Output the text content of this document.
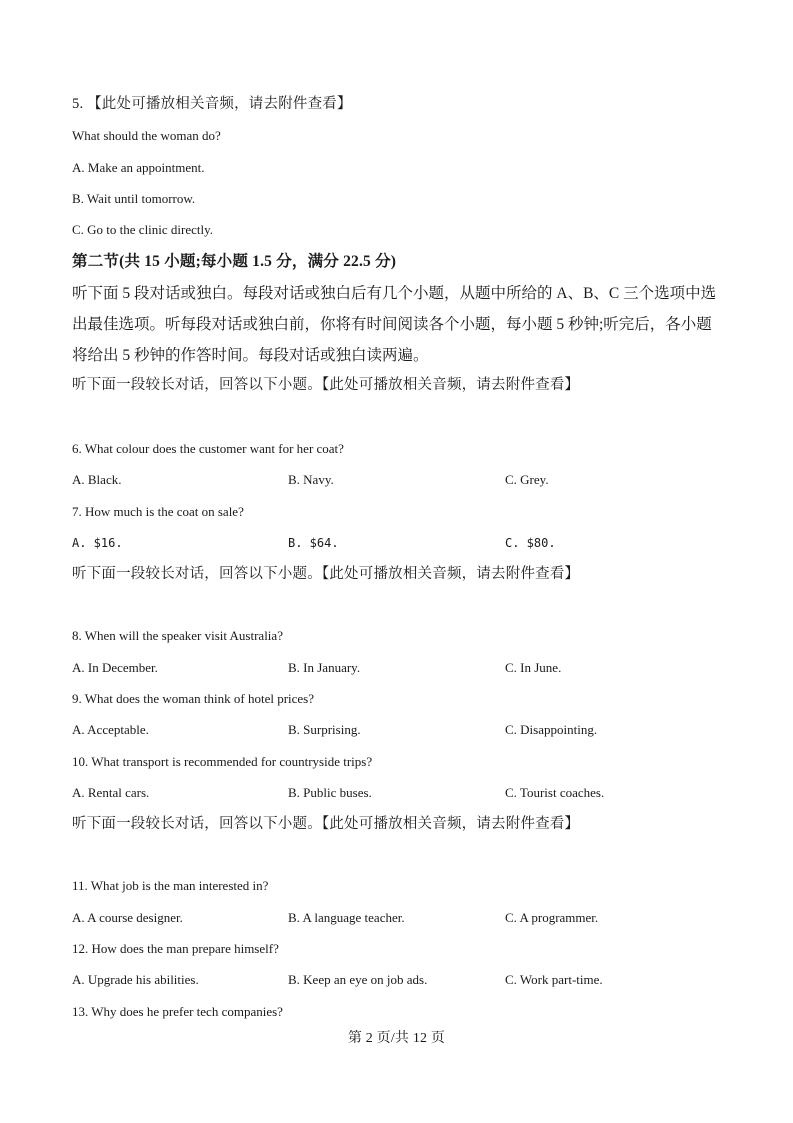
5. 【此处可播放相关音频，请去附件查看】
What should the woman do?
A. Make an appointment.
B. Wait until tomorrow.
C. Go to the clinic directly.
第二节(共 15 小题;每小题 1.5 分，满分 22.5 分)
听下面 5 段对话或独白。每段对话或独白后有几个小题，从题中所给的 A、B、C 三个选项中选出最佳选项。听每段对话或独白前，你将有时间阅读各个小题，每小题 5 秒钟;听完后，各小题将给出 5 秒钟的作答时间。每段对话或独白读两遍。
听下面一段较长对话，回答以下小题。【此处可播放相关音频，请去附件查看】
6. What colour does the customer want for her coat?
A. Black.	B. Navy.	C. Grey.
7. How much is the coat on sale?
A. $16.	B. $64.	C. $80.
听下面一段较长对话，回答以下小题。【此处可播放相关音频，请去附件查看】
8. When will the speaker visit Australia?
A. In December.	B. In January.	C. In June.
9. What does the woman think of hotel prices?
A. Acceptable.	B. Surprising.	C. Disappointing.
10. What transport is recommended for countryside trips?
A. Rental cars.	B. Public buses.	C. Tourist coaches.
听下面一段较长对话，回答以下小题。【此处可播放相关音频，请去附件查看】
11. What job is the man interested in?
A. A course designer.	B. A language teacher.	C. A programmer.
12. How does the man prepare himself?
A. Upgrade his abilities.	B. Keep an eye on job ads.	C. Work part-time.
13. Why does he prefer tech companies?
第 2 页/共 12 页
